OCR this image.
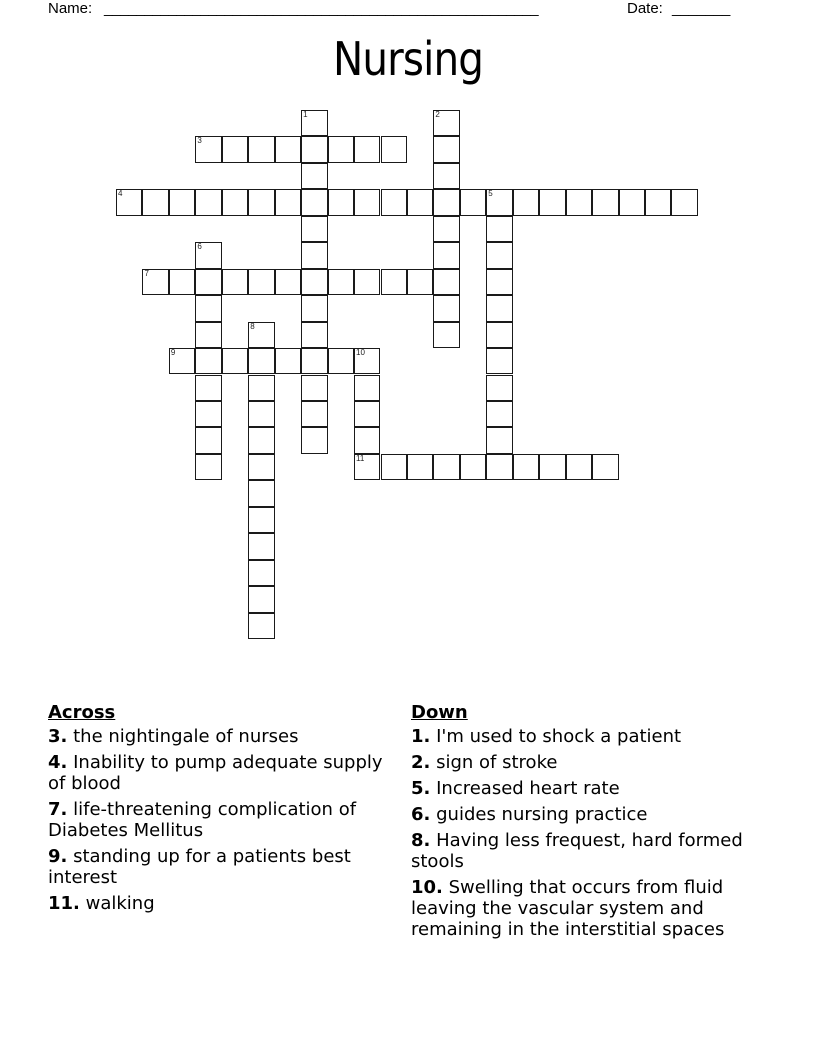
Name: ______________________________________________________	Date: _______
Nursing
1	2
3
4	5
6
7
8
9	10
11
Across
3. the nightingale of nurses
4. Inability to pump adequate supply of blood
7. life-threatening complication of Diabetes Mellitus
9. standing up for a patients best interest
11. walking
Down
1. I'm used to shock a patient
2. sign of stroke
5. Increased heart rate
6. guides nursing practice
8. Having less frequest, hard formed stools
10. Swelling that occurs from fluid leaving the vascular system and remaining in the interstitial spaces
